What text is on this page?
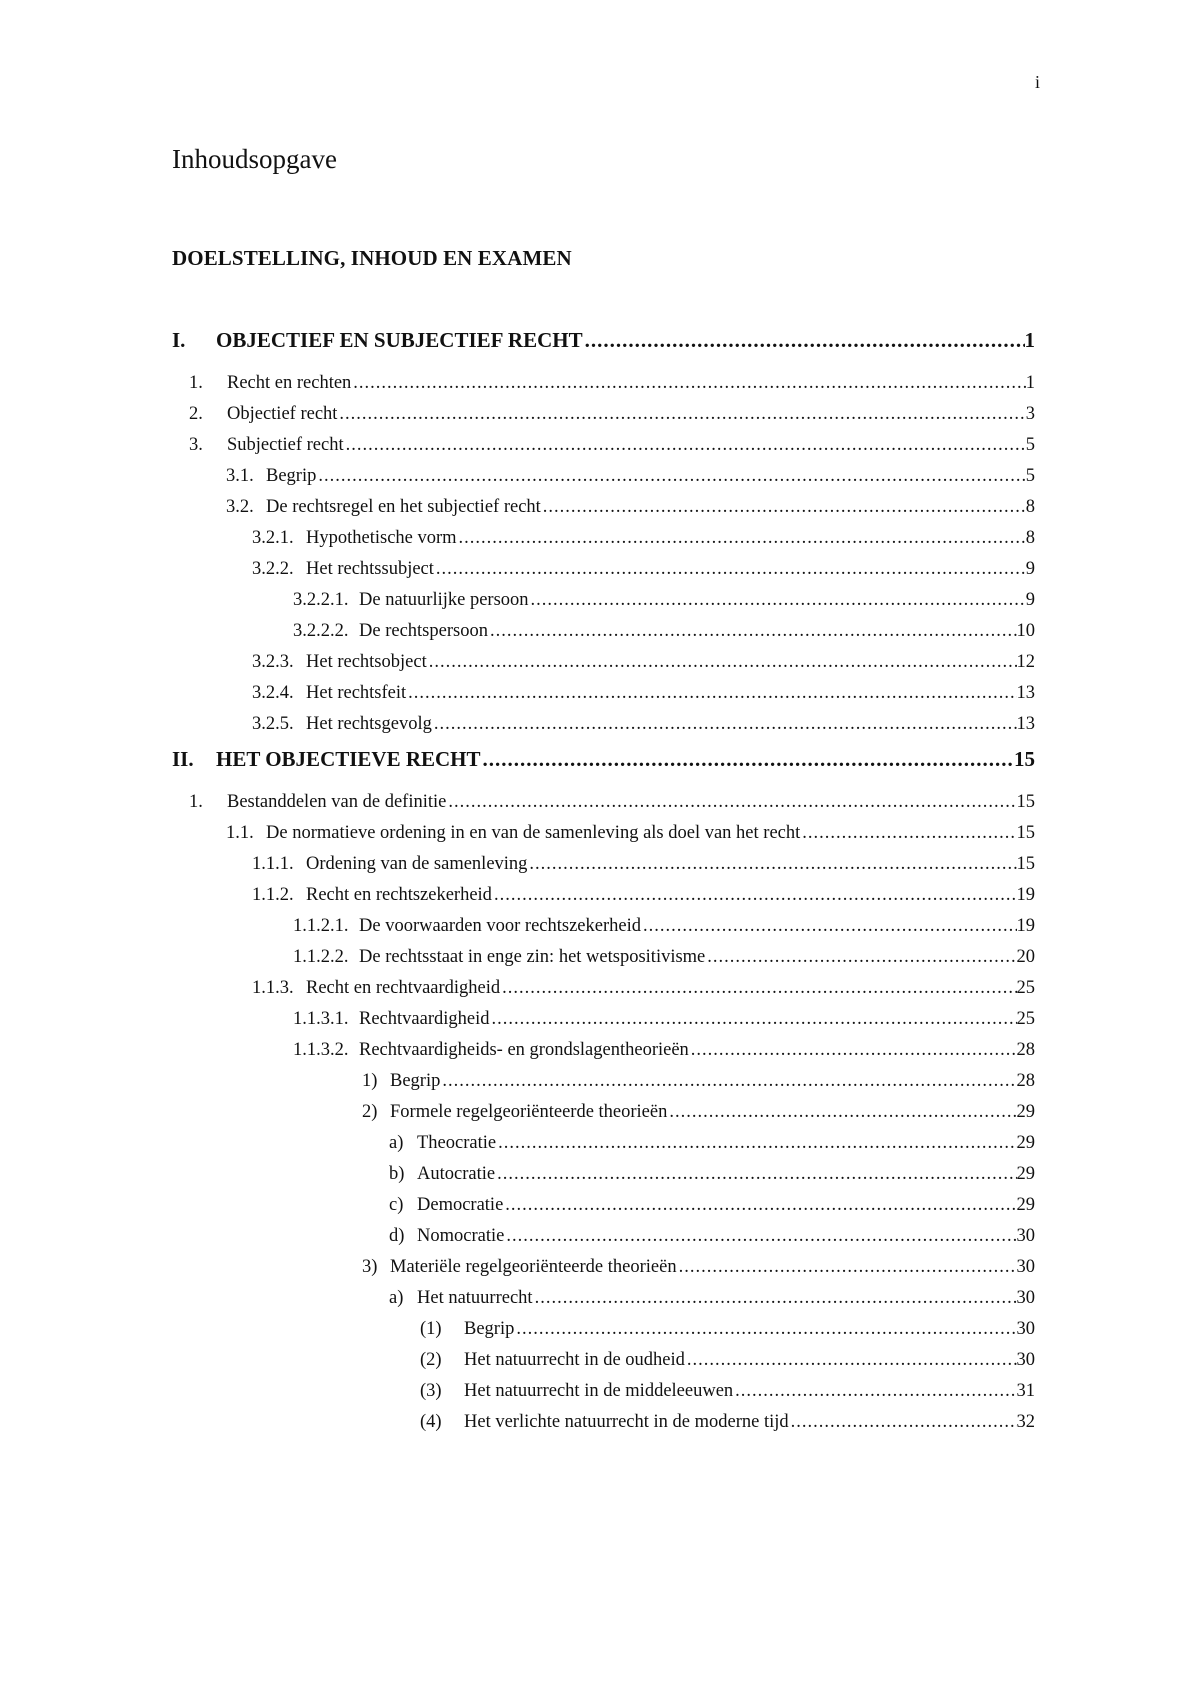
i
Inhoudsopgave
DOELSTELLING, INHOUD EN EXAMEN
I.	OBJECTIEF EN SUBJECTIEF RECHT .....	1
1.	Recht en rechten .....	1
2.	Objectief recht .....	3
3.	Subjectief recht .....	5
3.1. Begrip .....	5
3.2. De rechtsregel en het subjectief recht .....	8
3.2.1. Hypothetische vorm .....	8
3.2.2. Het rechtssubject .....	9
3.2.2.1. De natuurlijke persoon .....	9
3.2.2.2. De rechtspersoon .....	10
3.2.3. Het rechtsobject .....	12
3.2.4. Het rechtsfeit .....	13
3.2.5. Het rechtsgevolg .....	13
II.	HET OBJECTIEVE RECHT .....	15
1.	Bestanddelen van de definitie .....	15
1.1. De normatieve ordening in en van de samenleving als doel van het recht .....	15
1.1.1. Ordening van de samenleving .....	15
1.1.2. Recht en rechtszekerheid .....	19
1.1.2.1. De voorwaarden voor rechtszekerheid .....	19
1.1.2.2. De rechtsstaat in enge zin: het wetspositivisme .....	20
1.1.3. Recht en rechtvaardigheid .....	25
1.1.3.1. Rechtvaardigheid .....	25
1.1.3.2. Rechtvaardigheids- en grondslagentheorieën .....	28
1) Begrip .....	28
2) Formele regelgeoriënteerde theorieën .....	29
a) Theocratie .....	29
b) Autocratie .....	29
c) Democratie .....	29
d) Nomocratie .....	30
3) Materiële regelgeoriënteerde theorieën .....	30
a) Het natuurrecht .....	30
(1)	Begrip .....	30
(2)	Het natuurrecht in de oudheid .....	30
(3)	Het natuurrecht in de middeleeuwen .....	31
(4)	Het verlichte natuurrecht in de moderne tijd .....	32
